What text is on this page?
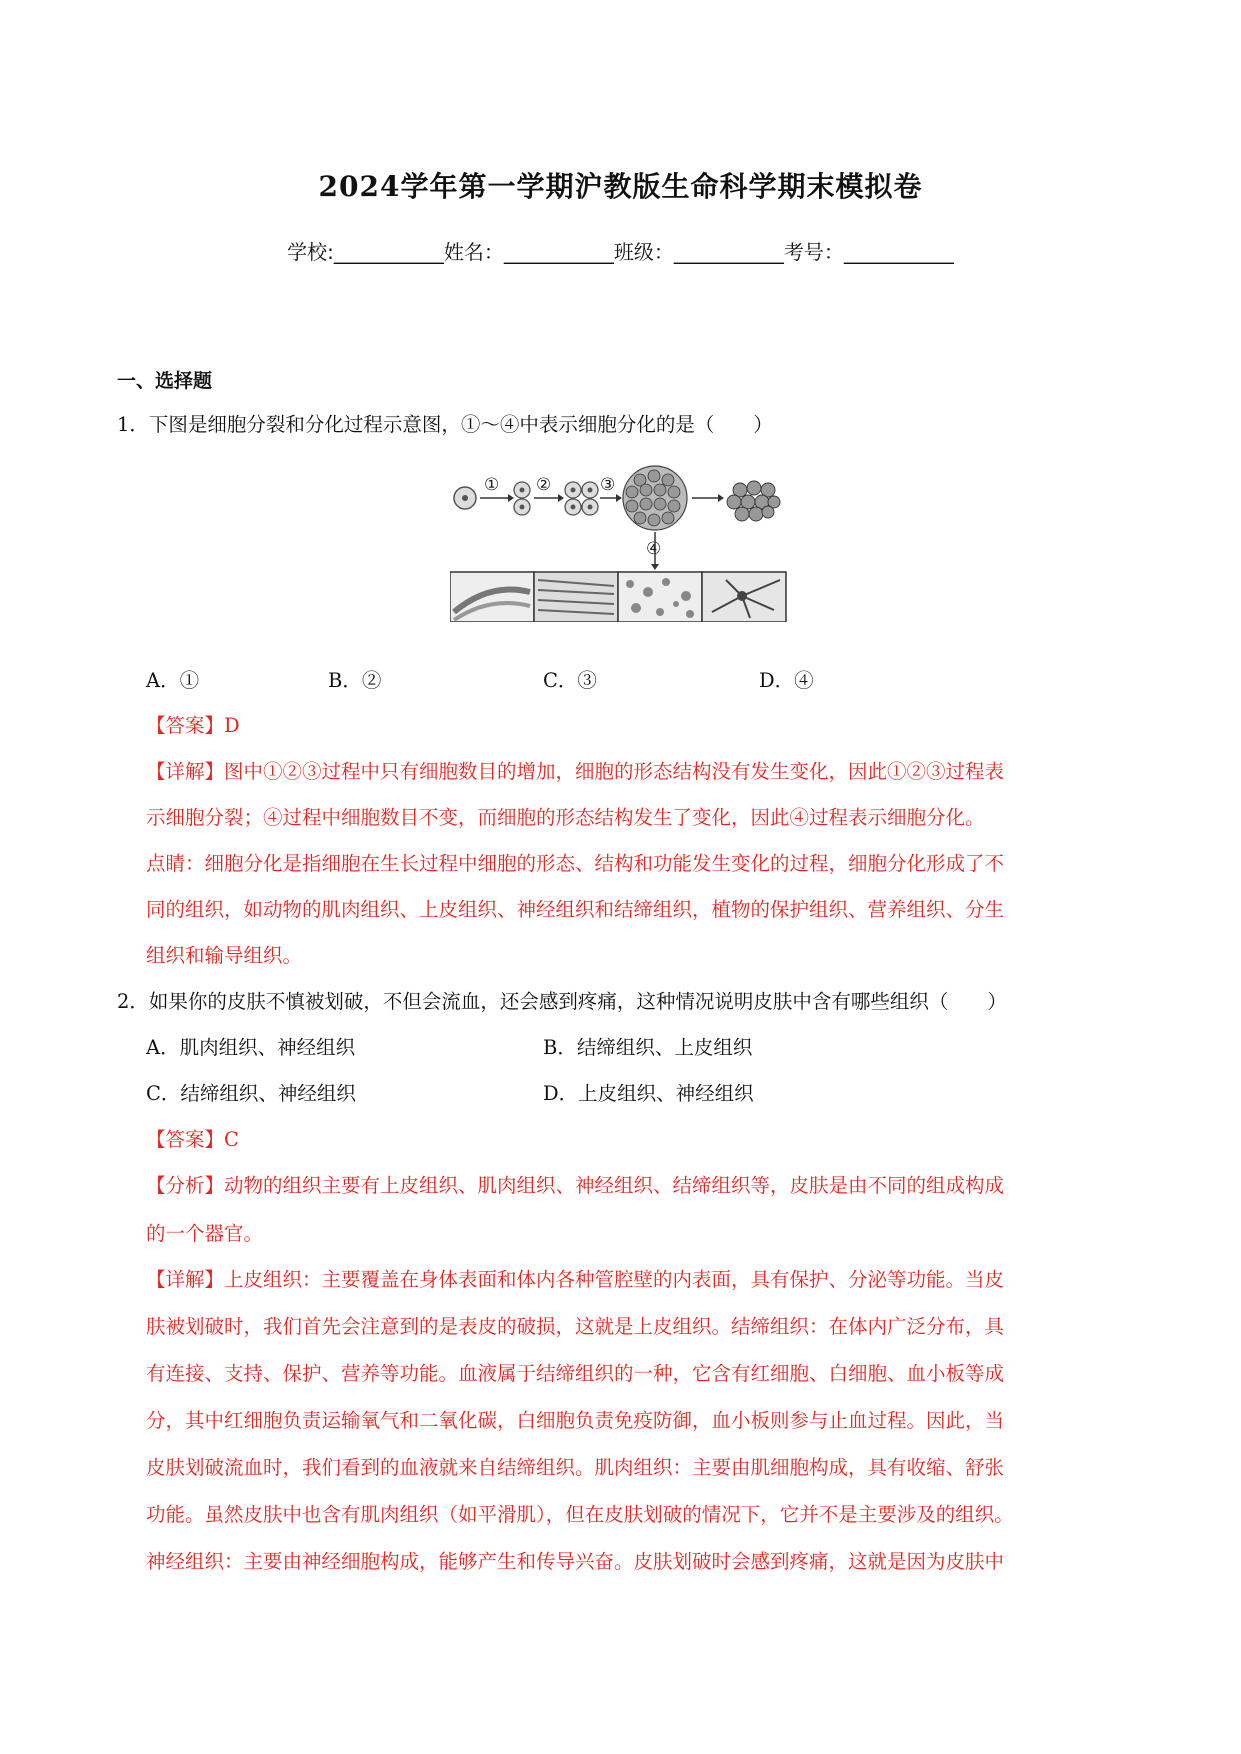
2024学年第一学期沪教版生命科学期末模拟卷
学校:___________姓名：___________班级：___________考号：___________
一、选择题
1．下图是细胞分裂和分化过程示意图，①～④中表示细胞分化的是（　　）
① ②	③
④
A．①	B．②	C．③	D．④
【答案】D
【详解】图中①②③过程中只有细胞数目的增加，细胞的形态结构没有发生变化，因此①②③过程表
示细胞分裂；④过程中细胞数目不变，而细胞的形态结构发生了变化，因此④过程表示细胞分化。
点睛：细胞分化是指细胞在生长过程中细胞的形态、结构和功能发生变化的过程，细胞分化形成了不
同的组织，如动物的肌肉组织、上皮组织、神经组织和结缔组织，植物的保护组织、营养组织、分生
组织和输导组织。
2．如果你的皮肤不慎被划破，不但会流血，还会感到疼痛，这种情况说明皮肤中含有哪些组织（　　）
A．肌肉组织、神经组织	B．结缔组织、上皮组织
C．结缔组织、神经组织	D．上皮组织、神经组织
【答案】C
【分析】动物的组织主要有上皮组织、肌肉组织、神经组织、结缔组织等，皮肤是由不同的组成构成
的一个器官。
【详解】上皮组织：主要覆盖在身体表面和体内各种管腔壁的内表面，具有保护、分泌等功能。当皮
肤被划破时，我们首先会注意到的是表皮的破损，这就是上皮组织。结缔组织：在体内广泛分布，具
有连接、支持、保护、营养等功能。血液属于结缔组织的一种，它含有红细胞、白细胞、血小板等成
分，其中红细胞负责运输氧气和二氧化碳，白细胞负责免疫防御，血小板则参与止血过程。因此，当
皮肤划破流血时，我们看到的血液就来自结缔组织。肌肉组织：主要由肌细胞构成，具有收缩、舒张
功能。虽然皮肤中也含有肌肉组织（如平滑肌），但在皮肤划破的情况下，它并不是主要涉及的组织。
神经组织：主要由神经细胞构成，能够产生和传导兴奋。皮肤划破时会感到疼痛，这就是因为皮肤中
